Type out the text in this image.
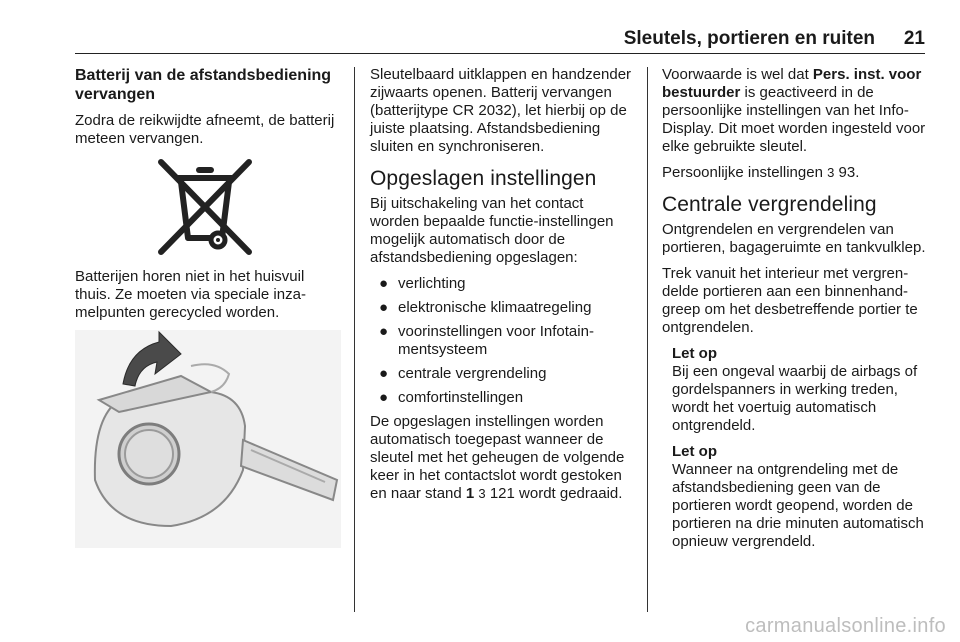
Sleutels, portieren en ruiten 21
Batterij van de afstandsbediening vervangen

Zodra de reikwijdte afneemt, de batterij meteen vervangen.

Batterijen horen niet in het huisvuil thuis. Ze moeten via speciale inzamelpunten gerecycled worden.

Sleutelbaard uitklappen en handzender zijwaarts openen. Batterij vervangen (batterijtype CR 2032), let hierbij op de juiste plaatsing. Afstandsbediening sluiten en synchroniseren.

Opgeslagen instellingen

Bij uitschakeling van het contact worden bepaalde functie-instellingen mogelijk automatisch door de afstandsbediening opgeslagen:

● verlichting
● elektronische klimaatregeling
● voorinstellingen voor Infotainmentsysteem
● centrale vergrendeling
● comfortinstellingen

De opgeslagen instellingen worden automatisch toegepast wanneer de sleutel met het geheugen de volgende keer in het contactslot wordt gestoken en naar stand 1 3 121 wordt gedraaid.

Voorwaarde is wel dat Pers. inst. voor bestuurder is geactiveerd in de persoonlijke instellingen van het Info-Display. Dit moet worden ingesteld voor elke gebruikte sleutel.

Persoonlijke instellingen 3 93.

Centrale vergrendeling

Ontgrendelen en vergrendelen van portieren, bagageruimte en tankvulklep.

Trek vanuit het interieur met vergrendelde portieren aan een binnenhandgreep om het desbetreffende portier te ontgrendelen.

Let op
Bij een ongeval waarbij de airbags of gordelspanners in werking treden, wordt het voertuig automatisch ontgrendeld.
Let op
Wanneer na ontgrendeling met de afstandsbediening geen van de portieren wordt geopend, worden de portieren na drie minuten automatisch opnieuw vergrendeld.
carmanualsonline.info
